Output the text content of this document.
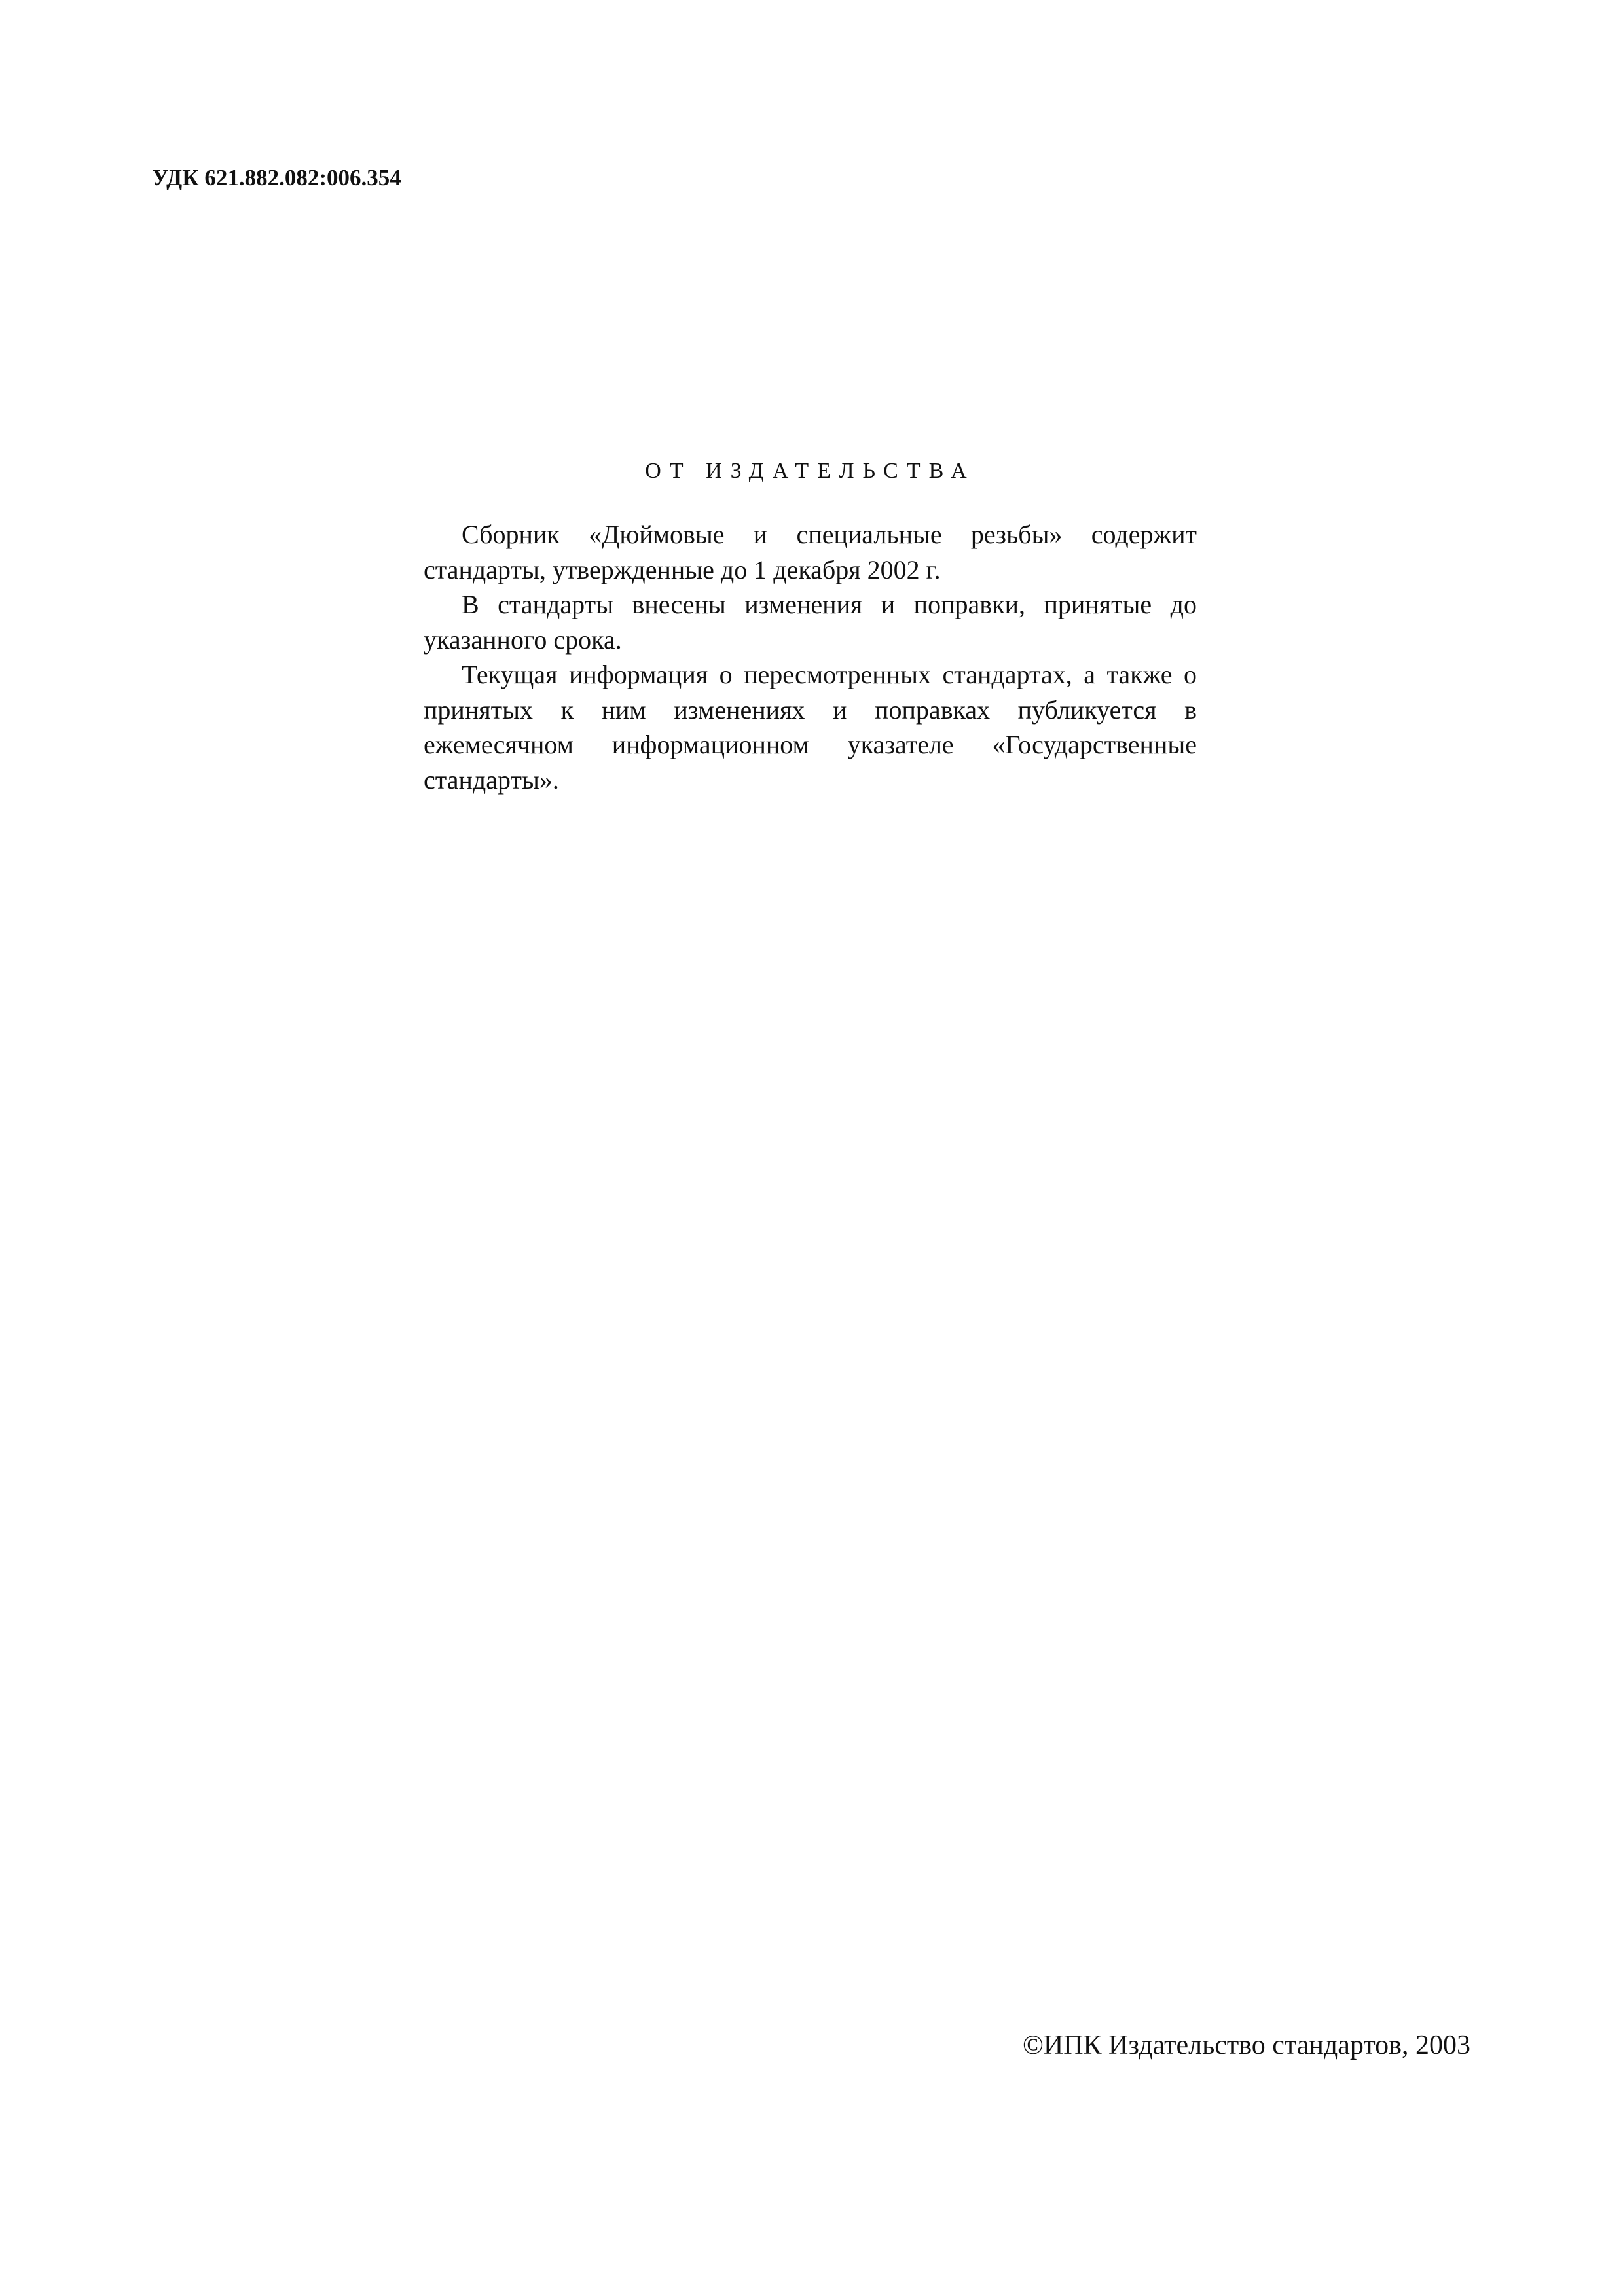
УДК 621.882.082:006.354
ОТ ИЗДАТЕЛЬСТВА

Сборник «Дюймовые и специальные резьбы» содержит стандарты, утвержденные до 1 декабря 2002 г.

В стандарты внесены изменения и поправки, принятые до указанного срока.

Текущая информация о пересмотренных стандартах, а также о принятых к ним изменениях и поправках публикуется в ежемесячном информационном указателе «Государственные стандарты».

©ИПК Издательство стандартов, 2003
